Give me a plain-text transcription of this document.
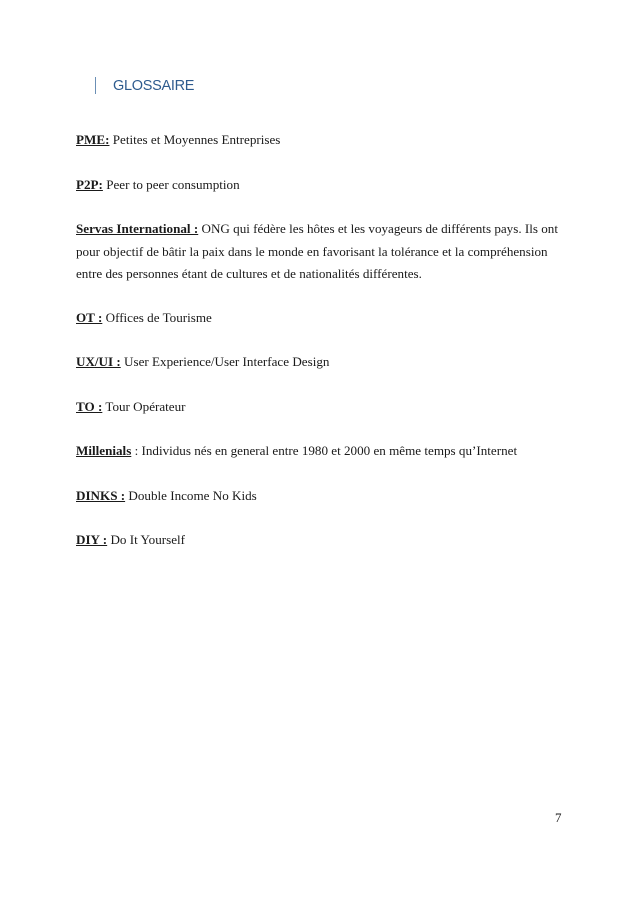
GLOSSAIRE
PME: Petites et Moyennes Entreprises
P2P: Peer to peer consumption
Servas International : ONG qui fédère les hôtes et les voyageurs de différents pays. Ils ont pour objectif de bâtir la paix dans le monde en favorisant la tolérance et la compréhension entre des personnes étant de cultures et de nationalités différentes.
OT : Offices de Tourisme
UX/UI : User Experience/User Interface Design
TO : Tour Opérateur
Millenials : Individus nés en general entre 1980 et 2000 en même temps qu’Internet
DINKS : Double Income No Kids
DIY : Do It Yourself
7
